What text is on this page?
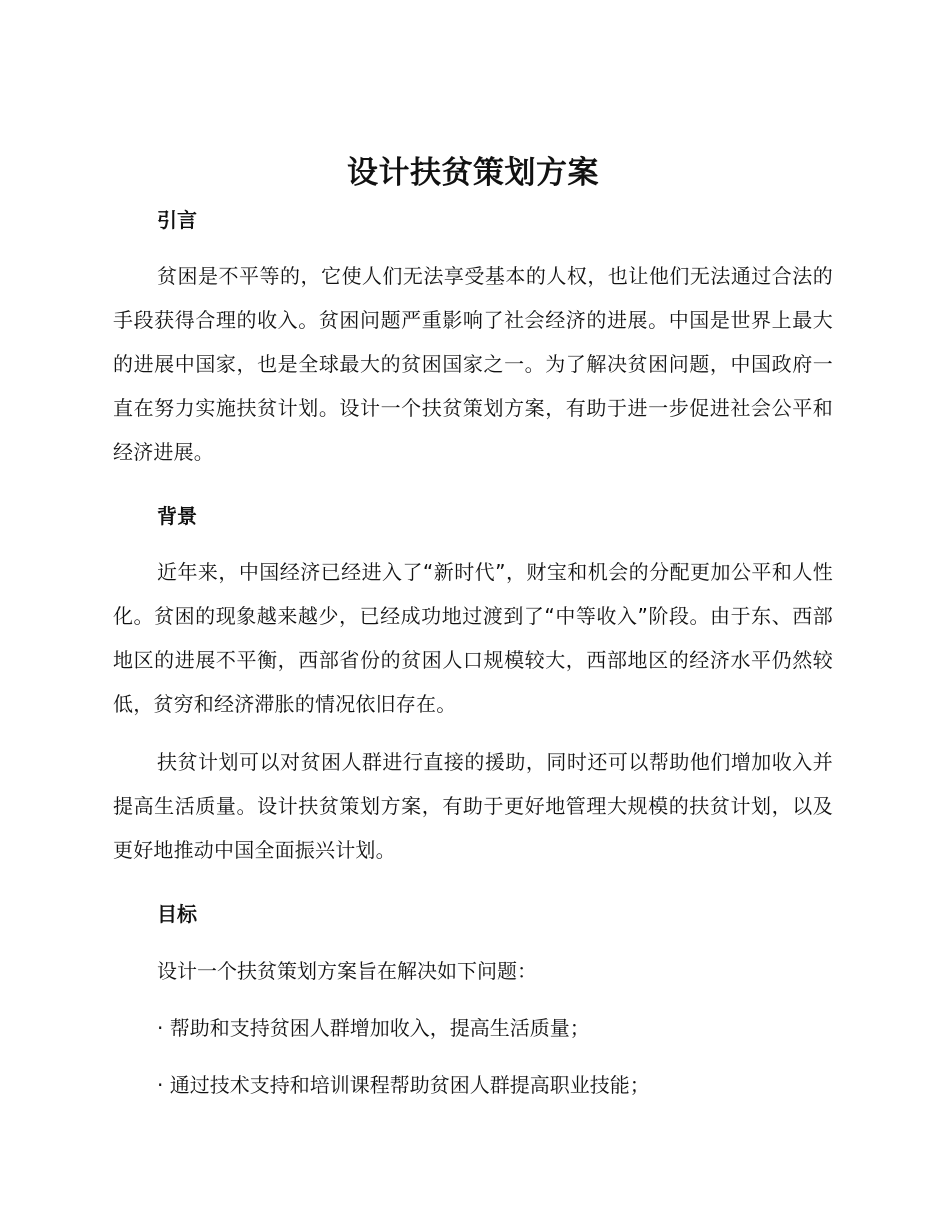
设计扶贫策划方案
引言

贫困是不平等的，它使人们无法享受基本的人权，也让他们无法通过合法的手段获得合理的收入。贫困问题严重影响了社会经济的进展。中国是世界上最大的进展中国家，也是全球最大的贫困国家之一。为了解决贫困问题，中国政府一直在努力实施扶贫计划。设计一个扶贫策划方案，有助于进一步促进社会公平和经济进展。

背景

近年来，中国经济已经进入了“新时代”，财宝和机会的分配更加公平和人性化。贫困的现象越来越少，已经成功地过渡到了“中等收入”阶段。由于东、西部地区的进展不平衡，西部省份的贫困人口规模较大，西部地区的经济水平仍然较低，贫穷和经济滞胀的情况依旧存在。

扶贫计划可以对贫困人群进行直接的援助，同时还可以帮助他们增加收入并提高生活质量。设计扶贫策划方案，有助于更好地管理大规模的扶贫计划，以及更好地推动中国全面振兴计划。

目标

设计一个扶贫策划方案旨在解决如下问题：

· 帮助和支持贫困人群增加收入，提高生活质量；

· 通过技术支持和培训课程帮助贫困人群提高职业技能；
